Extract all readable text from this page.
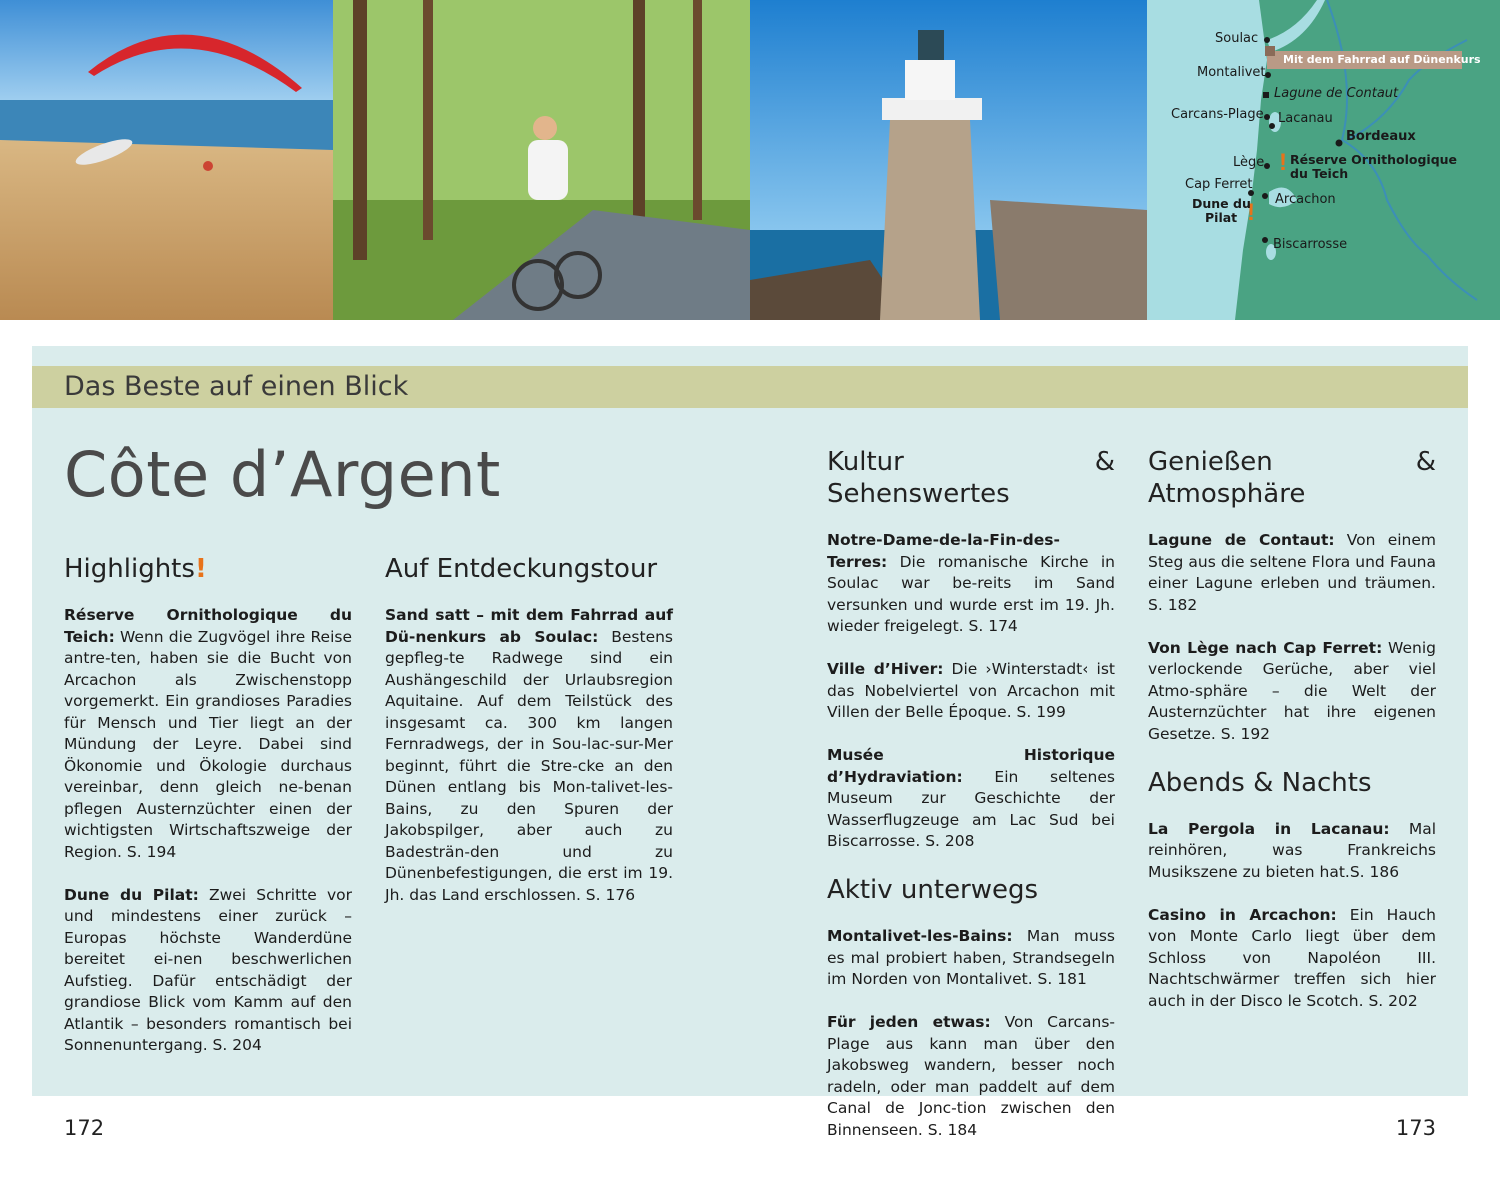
!
!
Soulac
Montalivet
Mit dem Fahrrad auf Dünenkurs
Lagune de Contaut
Carcans-Plage Lacanau
Bordeaux
Lège Réserve Ornithologique
du Teich
Cap Ferret
Dune du
Pilat
Arcachon
Biscarrosse
Das Beste auf einen Blick
Côte d’Argent
Highlights!

Réserve Ornithologique du Teich: Wenn die Zugvögel ihre Reise antre-ten, haben sie die Bucht von Arcachon als Zwischenstopp vorgemerkt. Ein grandioses Paradies für Mensch und Tier liegt an der Mündung der Leyre. Dabei sind Ökonomie und Ökologie durchaus vereinbar, denn gleich ne-benan pflegen Austernzüchter einen der wichtigsten Wirtschaftszweige der Region. S. 194

Dune du Pilat: Zwei Schritte vor und mindestens einer zurück – Europas höchste Wanderdüne bereitet ei-nen beschwerlichen Aufstieg. Dafür entschädigt der grandiose Blick vom Kamm auf den Atlantik – besonders romantisch bei Sonnenuntergang. S. 204

Auf Entdeckungstour

Sand satt – mit dem Fahrrad auf Dü-nenkurs ab Soulac: Bestens gepfleg-te Radwege sind ein Aushängeschild der Urlaubsregion Aquitaine. Auf dem Teilstück des insgesamt ca. 300 km langen Fernradwegs, der in Sou-lac-sur-Mer beginnt, führt die Stre-cke an den Dünen entlang bis Mon-talivet-les-Bains, zu den Spuren der Jakobspilger, aber auch zu Badesträn-den und zu Dünenbefestigungen, die erst im 19. Jh. das Land erschlossen. S. 176

Kultur & Sehenswertes

Notre-Dame-de-la-Fin-des-Terres: Die romanische Kirche in Soulac war be-reits im Sand versunken und wurde erst im 19. Jh. wieder freigelegt. S. 174

Ville d’Hiver: Die ›Winterstadt‹ ist das Nobelviertel von Arcachon mit Villen der Belle Époque. S. 199

Musée Historique d’Hydraviation: Ein seltenes Museum zur Geschichte der Wasserflugzeuge am Lac Sud bei Biscarrosse. S. 208

Aktiv unterwegs

Montalivet-les-Bains: Man muss es mal probiert haben, Strandsegeln im Norden von Montalivet. S. 181

Für jeden etwas: Von Carcans-Plage aus kann man über den Jakobsweg wandern, besser noch radeln, oder man paddelt auf dem Canal de Jonc-tion zwischen den Binnenseen. S. 184

Genießen & Atmosphäre

Lagune de Contaut: Von einem Steg aus die seltene Flora und Fauna einer Lagune erleben und träumen. S. 182

Von Lège nach Cap Ferret: Wenig verlockende Gerüche, aber viel Atmo-sphäre – die Welt der Austernzüchter hat ihre eigenen Gesetze. S. 192

Abends & Nachts

La Pergola in Lacanau: Mal reinhören, was Frankreichs Musikszene zu bieten hat.S. 186

Casino in Arcachon: Ein Hauch von Monte Carlo liegt über dem Schloss von Napoléon III. Nachtschwärmer treffen sich hier auch in der Disco le Scotch. S. 202

172	173
